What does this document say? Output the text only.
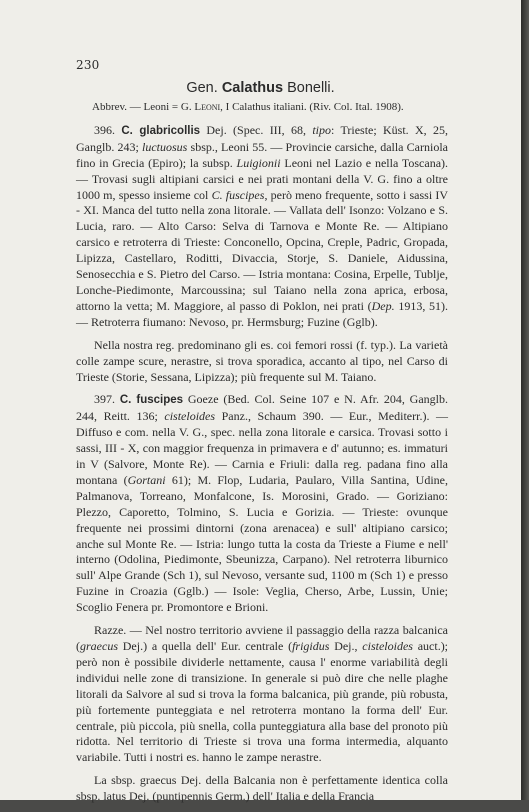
230
Gen. Calathus Bonelli.

Abbrev. — Leoni = G. Leoni, I Calathus italiani. (Riv. Col. Ital. 1908).

396. C. glabricollis Dej. (Spec. III, 68, tipo: Trieste; Küst. X, 25, Ganglb. 243; luctuosus sbsp., Leoni 55. — Provincie carsiche, dalla Carniola fino in Grecia (Epiro); la subsp. Luigionii Leoni nel Lazio e nella Toscana). — Trovasi sugli altipiani carsici e nei prati montani della V. G. fino a oltre 1000 m, spesso insieme col C. fuscipes, però meno frequente, sotto i sassi IV - XI. Manca del tutto nella zona litorale. — Vallata dell' Isonzo: Volzano e S. Lucia, raro. — Alto Carso: Selva di Tarnova e Monte Re. — Altipiano carsico e retroterra di Trieste: Conconello, Opcina, Creple, Padric, Gropada, Lipizza, Castellaro, Roditti, Divaccia, Storje, S. Daniele, Aidussina, Senosecchia e S. Pietro del Carso. — Istria montana: Cosina, Erpelle, Tublje, Lonche-Piedimonte, Marcoussina; sul Taiano nella zona aprica, erbosa, attorno la vetta; M. Maggiore, al passo di Poklon, nei prati (Dep. 1913, 51). — Retroterra fiumano: Nevoso, pr. Hermsburg; Fuzine (Gglb).

Nella nostra reg. predominano gli es. coi femori rossi (f. typ.). La varietà colle zampe scure, nerastre, si trova sporadica, accanto al tipo, nel Carso di Trieste (Storie, Sessana, Lipizza); più frequente sul M. Taiano.

397. C. fuscipes Goeze (Bed. Col. Seine 107 e N. Afr. 204, Ganglb. 244, Reitt. 136; cisteloides Panz., Schaum 390. — Eur., Mediterr.). — Diffuso e com. nella V. G., spec. nella zona litorale e carsica. Trovasi sotto i sassi, III - X, con maggior frequenza in primavera e d' autunno; es. immaturi in V (Salvore, Monte Re). — Carnia e Friuli: dalla reg. padana fino alla montana (Gortani 61); M. Flop, Ludaria, Paularo, Villa Santina, Udine, Palmanova, Torreano, Monfalcone, Is. Morosini, Grado. — Goriziano: Plezzo, Caporetto, Tolmino, S. Lucia e Gorizia. — Trieste: ovunque frequente nei prossimi dintorni (zona arenacea) e sull' altipiano carsico; anche sul Monte Re. — Istria: lungo tutta la costa da Trieste a Fiume e nell' interno (Odolina, Piedimonte, Sbeunizza, Carpano). Nel retroterra liburnico sull' Alpe Grande (Sch 1), sul Nevoso, versante sud, 1100 m (Sch 1) e presso Fuzine in Croazia (Gglb.) — Isole: Veglia, Cherso, Arbe, Lussin, Unie; Scoglio Fenera pr. Promontore e Brioni.

Razze. — Nel nostro territorio avviene il passaggio della razza balcanica (graecus Dej.) a quella dell' Eur. centrale (frigidus Dej., cisteloides auct.); però non è possibile dividerle nettamente, causa l' enorme variabilità degli individui nelle zone di transizione. In generale si può dire che nelle plaghe litorali da Salvore al sud si trova la forma balcanica, più grande, più robusta, più fortemente punteggiata e nel retroterra montano la forma dell' Eur. centrale, più piccola, più snella, colla punteggiatura alla base del pronoto più ridotta. Nel territorio di Trieste si trova una forma intermedia, alquanto variabile. Tutti i nostri es. hanno le zampe nerastre.

La sbsp. graecus Dej. della Balcania non è perfettamente identica colla sbsp. latus Dej. (puntipennis Germ.) dell' Italia e della Francia
